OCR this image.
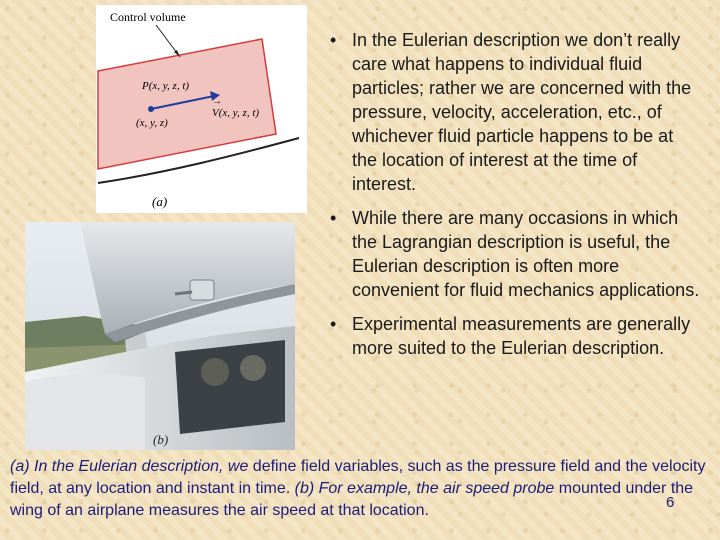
Control volume
P(x, y, z, t)
(x, y, z)
→
V(x, y, z, t)
(a)
(b)
• In the Eulerian description we don’t really care what happens to individual fluid particles; rather we are concerned with the pressure, velocity, acceleration, etc., of whichever fluid particle happens to be at the location of interest at the time of interest.
• While there are many occasions in which the Lagrangian description is useful, the Eulerian description is often more convenient for fluid mechanics applications.
• Experimental measurements are generally more suited to the Eulerian description.
(a) In the Eulerian description, we define field variables, such as the pressure field and the velocity field, at any location and instant in time. (b) For example, the air speed probe mounted under the wing of an airplane measures the air speed at that location.	6
